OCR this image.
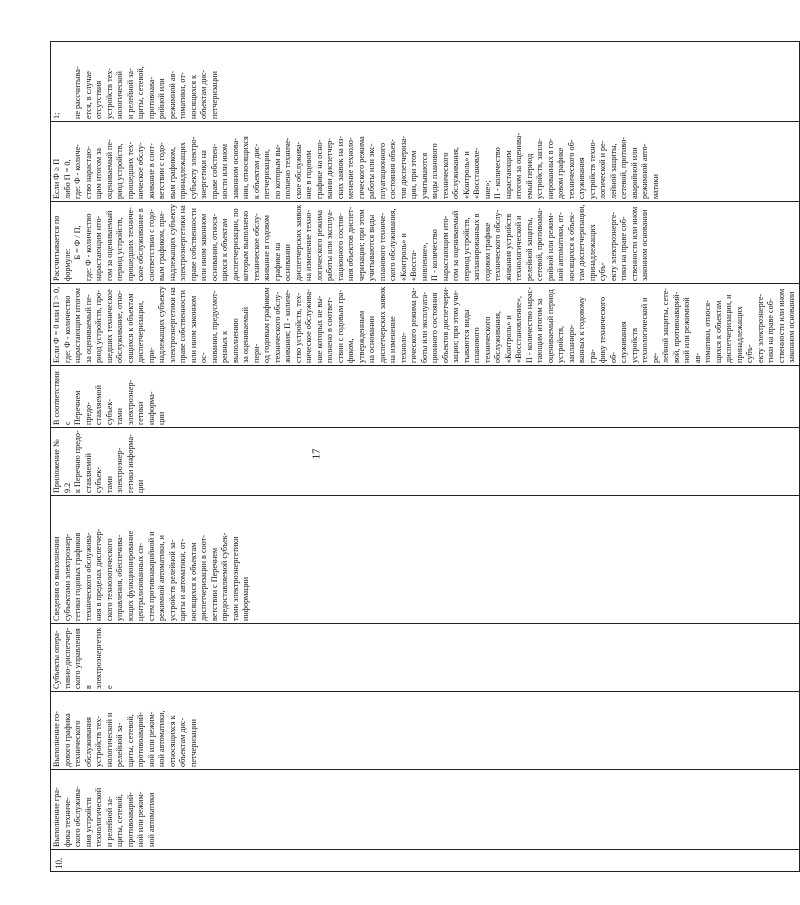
17
10.	
Выполнение гра- фика техниче- ского обслужива- ния устройств технологической и релейной за- щиты, сетевой, противоаварий- ной или режим- ной автоматики

Выполнение го- дового графика технического обслуживания устройств тех- нологической и релейной за- щиты, сетевой, противоаварий- ной или режим- ной автоматики, относящихся к объектам дис- петчеризации

Субъекты опера- тивно-диспетчер- ского управления в электроэнергетике

Сведения о выполнении субъектами электроэнер- гетики годовых графиков технического обслужива- ния в пределах диспетчер- ского технологического управления, обеспечива- ющих функционирование централизованных си- стем противоаварийной и режимной автоматики, и устройств релейной за- щиты и автоматики, от- носящихся к объектам диспетчеризации в соот- ветствии с Перечнем предоставляемой субъек- тами электроэнергетики информации

Приложение № 9.2 к Перечню предо- ставляемой субъек- тами электроэнер- гетики информа- ции

В соответствии с Перечнем предо- ставляемой субъек- тами электроэнер- гетики информа- ции

Если Ф = 0 или П > 0, где: Ф - количество нарастающим итогом за оцениваемый пе- риод устройств, про- шедших техническое обслуживание, отно- сящихся к объектам диспетчеризации, при- надлежащих субъекту электроэнергетики на праве собственности или ином законном ос- новании, предусмот- ренных к выполнению за оцениваемый пери- од годовым графиком технического обслу- живания; П - количе- ство устройств, тех- ническое обслужива- ние которых не вы- полнено в соответ- ствии с годовым гра- фиком, утвержденным на основании диспетчерских заявок на изменение техноло- гического режима ра- боты или эксплуата- ционного состояния объектов диспетчери- зации; при этом учи- тываются виды планового технического обслуживания, «Контроль» и «Восстановление», П - количество нарас- тающим итогом за оцениваемый период устройств, запланиро- ванных к годовому гра- фику технического об- служивания устройств технологической и ре- лейной защиты, сете- вой, противоаварий- ной или режимной ав- томатики, относя- щихся к объектам диспетчеризации, и принадлежащих субъ- екту электроэнерге- тики на праве соб- ственности или ином законном основании

Рассчитывается по формуле:
Б = Ф / П, где: Ф - количество нарастающим ито- гом за оцениваемый период устройств, прошедших техниче- ское обслуживание в соответствии с годо- вым графиком, при- надлежащих субъекту электроэнергетики на праве собственности или ином законном основании, относя- щихся к объектам диспетчеризации, по которым выполнено техническое обслу- живание в годовом графике на основании диспетчерских заявок на изменение техно- логического режима работы или эксплуа- тационного состоя- ния объектов диспет- черизации; при этом учитываются виды планового техниче- ского обслуживания, «Контроль» и «Восста- новление», П - количество нарастающим ито- гом за оцениваемый период устройств, запланированных в годовом графике технического обслу- живания устройств технологической и релейной защиты, сетевой, противоава- рийной или режим- ной автоматики, от- носящихся к объек- там диспетчеризации, принадлежащих субъ- екту электроэнерге- тики на праве соб- ственности или ином законном основании

Если Ф ≥ П либо П = 0, где: Ф - количе- ство нарастаю- щим итогом за оцениваемый пе- риод устройств, прошедших тех- ническое обслу- живание в соот- ветствии с годо- вым графиком, принадлежащих субъекту электро- энергетики на праве собствен- ности или ином законном основа- нии, относящихся к объектам дис- петчеризации, по которым вы- полнено техниче- ское обслужива- ние в годовом графике на осно- вании диспетчер- ских заявок на из- менение техноло- гического режима работы или экс- плуатационного состояния объек- тов диспетчериза- ции, при этом учитываются виды планового технического обслуживания, «Контроль» и «Восстановле- ние»; П - количество нарастающим итогом за оценива- емый период устройств, запла- нированных в го- довом графике технического об- служивания устройств техно- логической и ре- лейной защиты, сетевой, противо- аварийной или режимной авто- матики

1;
не рассчитыва- ется, в случае отсутствия устройств тех- нологической и релейной за- щиты, сетевой, противоава- рийной или режимной ав- томатики, от- носящихся к объектам дис- петчеризации
